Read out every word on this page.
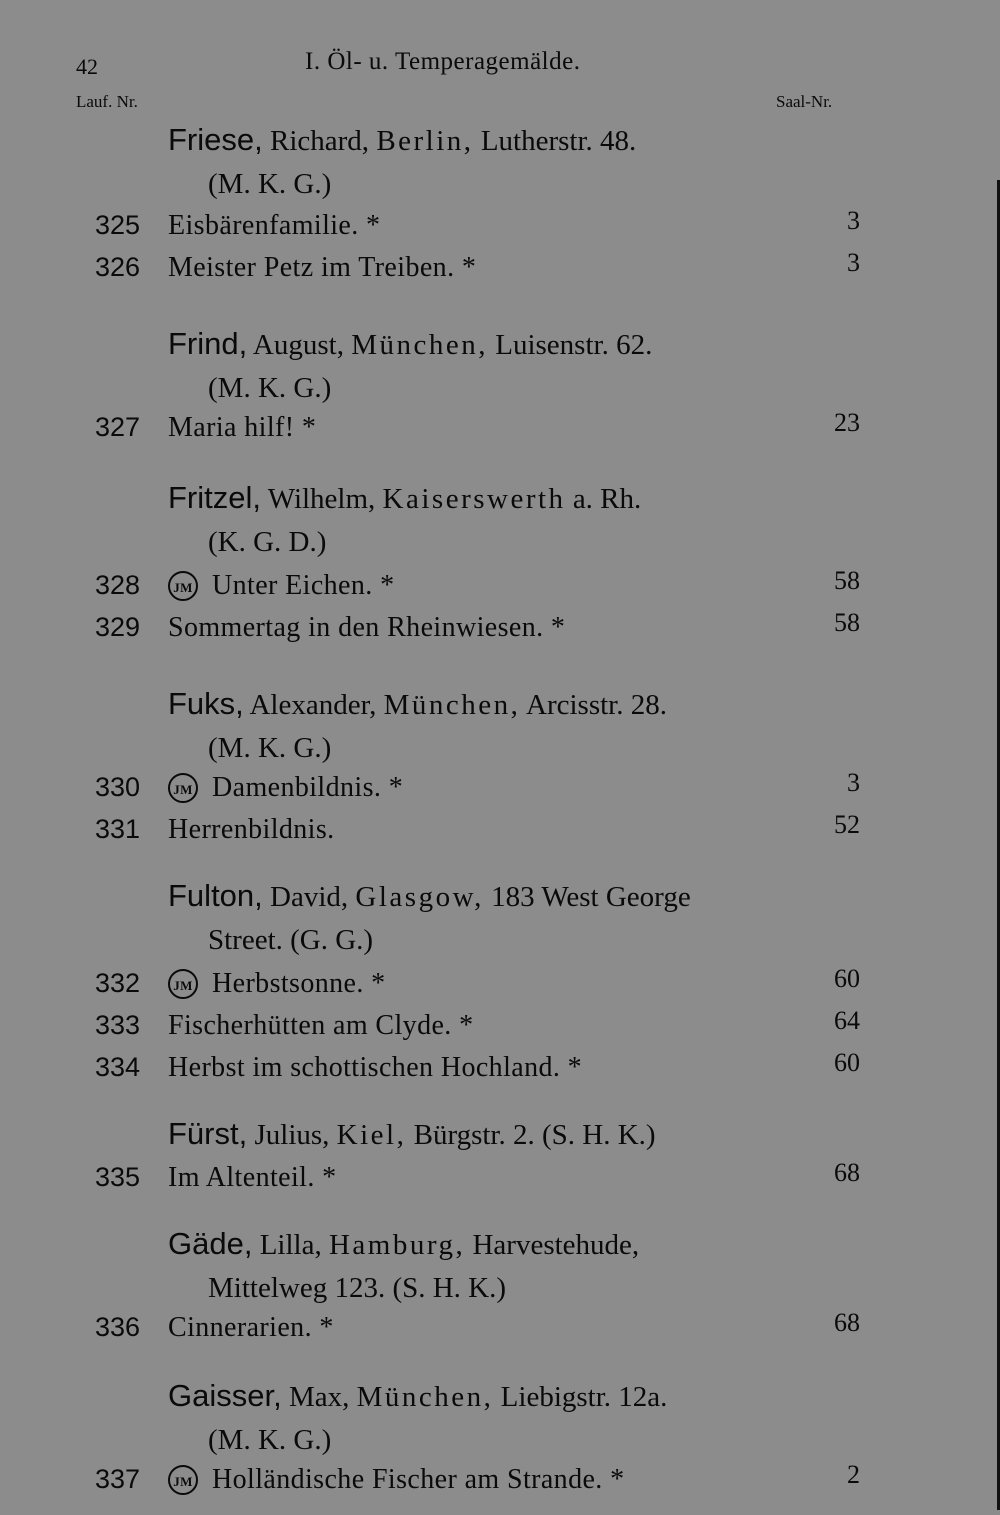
42	I. Öl- u. Temperagemälde.
Lauf. Nr.	Saal-Nr.
Friese, Richard, Berlin, Lutherstr. 48.
(M. K. G.)
325 Eisbärenfamilie. *	3
326 Meister Petz im Treiben. *	3
Frind, August, München, Luisenstr. 62.
(M. K. G.)
327 Maria hilf! *	23
Fritzel, Wilhelm, Kaiserswerth a. Rh.
(K. G. D.)
328	JM Unter Eichen. *	58
329 Sommertag in den Rheinwiesen. *	58
Fuks, Alexander, München, Arcisstr. 28.
(M. K. G.)
330	JM Damenbildnis. *	3
331 Herrenbildnis.	52
Fulton, David, Glasgow, 183 West George
Street. (G. G.)
332	JM Herbstsonne. *	60
333 Fischerhütten am Clyde. *	64
334 Herbst im schottischen Hochland. *	60
Fürst, Julius, Kiel, Bürgstr. 2. (S. H. K.)
335 Im Altenteil. *	68
Gäde, Lilla, Hamburg, Harvestehude,
Mittelweg 123. (S. H. K.)
336 Cinnerarien. *	68
Gaisser, Max, München, Liebigstr. 12a.
(M. K. G.)
337	JM Holländische Fischer am Strande. *	2
